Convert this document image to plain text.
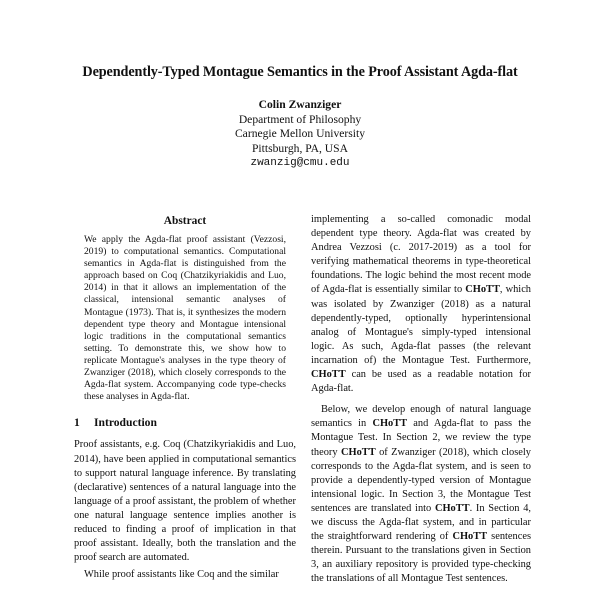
Dependently-Typed Montague Semantics in the Proof Assistant Agda-flat
Colin Zwanziger
Department of Philosophy
Carnegie Mellon University
Pittsburgh, PA, USA
zwanzig@cmu.edu
Abstract
We apply the Agda-flat proof assistant (Vezzosi, 2019) to computational semantics. Computational semantics in Agda-flat is distinguished from the approach based on Coq (Chatzikyriakidis and Luo, 2014) in that it allows an implementation of the classical, intensional semantic analyses of Montague (1973). That is, it synthesizes the modern dependent type theory and Montague intensional logic traditions in the computational semantics setting. To demonstrate this, we show how to replicate Montague's analyses in the type theory of Zwanziger (2018), which closely corresponds to the Agda-flat system. Accompanying code type-checks these analyses in Agda-flat.
1 Introduction

Proof assistants, e.g. Coq (Chatzikyriakidis and Luo, 2014), have been applied in computational semantics to support natural language inference. By translating (declarative) sentences of a natural language into the language of a proof assistant, the problem of whether one natural language sentence implies another is reduced to finding a proof of implication in that proof assistant. Ideally, both the translation and the proof search are automated.

While proof assistants like Coq and the similar

implementing a so-called comonadic modal dependent type theory. Agda-flat was created by Andrea Vezzosi (c. 2017-2019) as a tool for verifying mathematical theorems in type-theoretical foundations. The logic behind the most recent mode of Agda-flat is essentially similar to CHoTT, which was isolated by Zwanziger (2018) as a natural dependently-typed, optionally hyperintensional analog of Montague's simply-typed intensional logic. As such, Agda-flat passes (the relevant incarnation of) the Montague Test. Furthermore, CHoTT can be used as a readable notation for Agda-flat.

Below, we develop enough of natural language semantics in CHoTT and Agda-flat to pass the Montague Test. In Section 2, we review the type theory CHoTT of Zwanziger (2018), which closely corresponds to the Agda-flat system, and is seen to provide a dependently-typed version of Montague intensional logic. In Section 3, the Montague Test sentences are translated into CHoTT. In Section 4, we discuss the Agda-flat system, and in particular the straightforward rendering of CHoTT sentences therein. Pursuant to the translations given in Section 3, an auxiliary repository is provided type-checking the translations of all Montague Test sentences.
